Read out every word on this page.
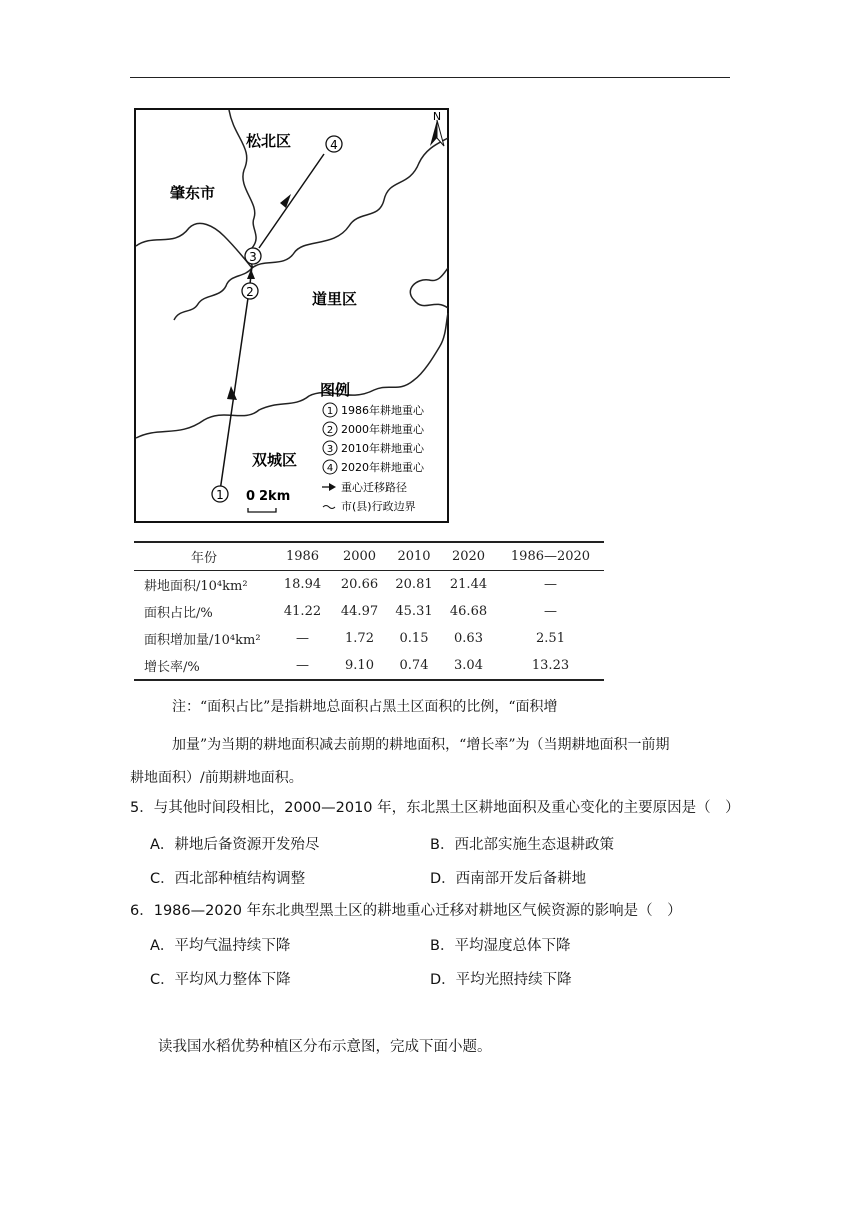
1
2
3
4
松北区
肇东市
道里区
双城区
N
图例
1 1986年耕地重心
2 2000年耕地重心
3 2010年耕地重心
4 2020年耕地重心
重心迁移路径
市(县)行政边界
0 2km
年份	1986	2000	2010	2020	1986—2020
耕地面积/10⁴km²	18.94	20.66	20.81	21.44	—
面积占比/%	41.22	44.97	45.31	46.68	—
面积增加量/10⁴km²	—	1.72	0.15	0.63	2.51
增长率/%	—	9.10	0.74	3.04	13.23
注：“面积占比”是指耕地总面积占黑土区面积的比例，“面积增
加量”为当期的耕地面积减去前期的耕地面积，“增长率”为（当期耕地面积一前期
耕地面积）/前期耕地面积。
5．与其他时间段相比，2000—2010 年，东北黑土区耕地面积及重心变化的主要原因是（　）
A．耕地后备资源开发殆尽	B．西北部实施生态退耕政策
C．西北部种植结构调整	D．西南部开发后备耕地
6．1986—2020 年东北典型黑土区的耕地重心迁移对耕地区气候资源的影响是（　）
A．平均气温持续下降	B．平均湿度总体下降
C．平均风力整体下降	D．平均光照持续下降
读我国水稻优势种植区分布示意图，完成下面小题。
